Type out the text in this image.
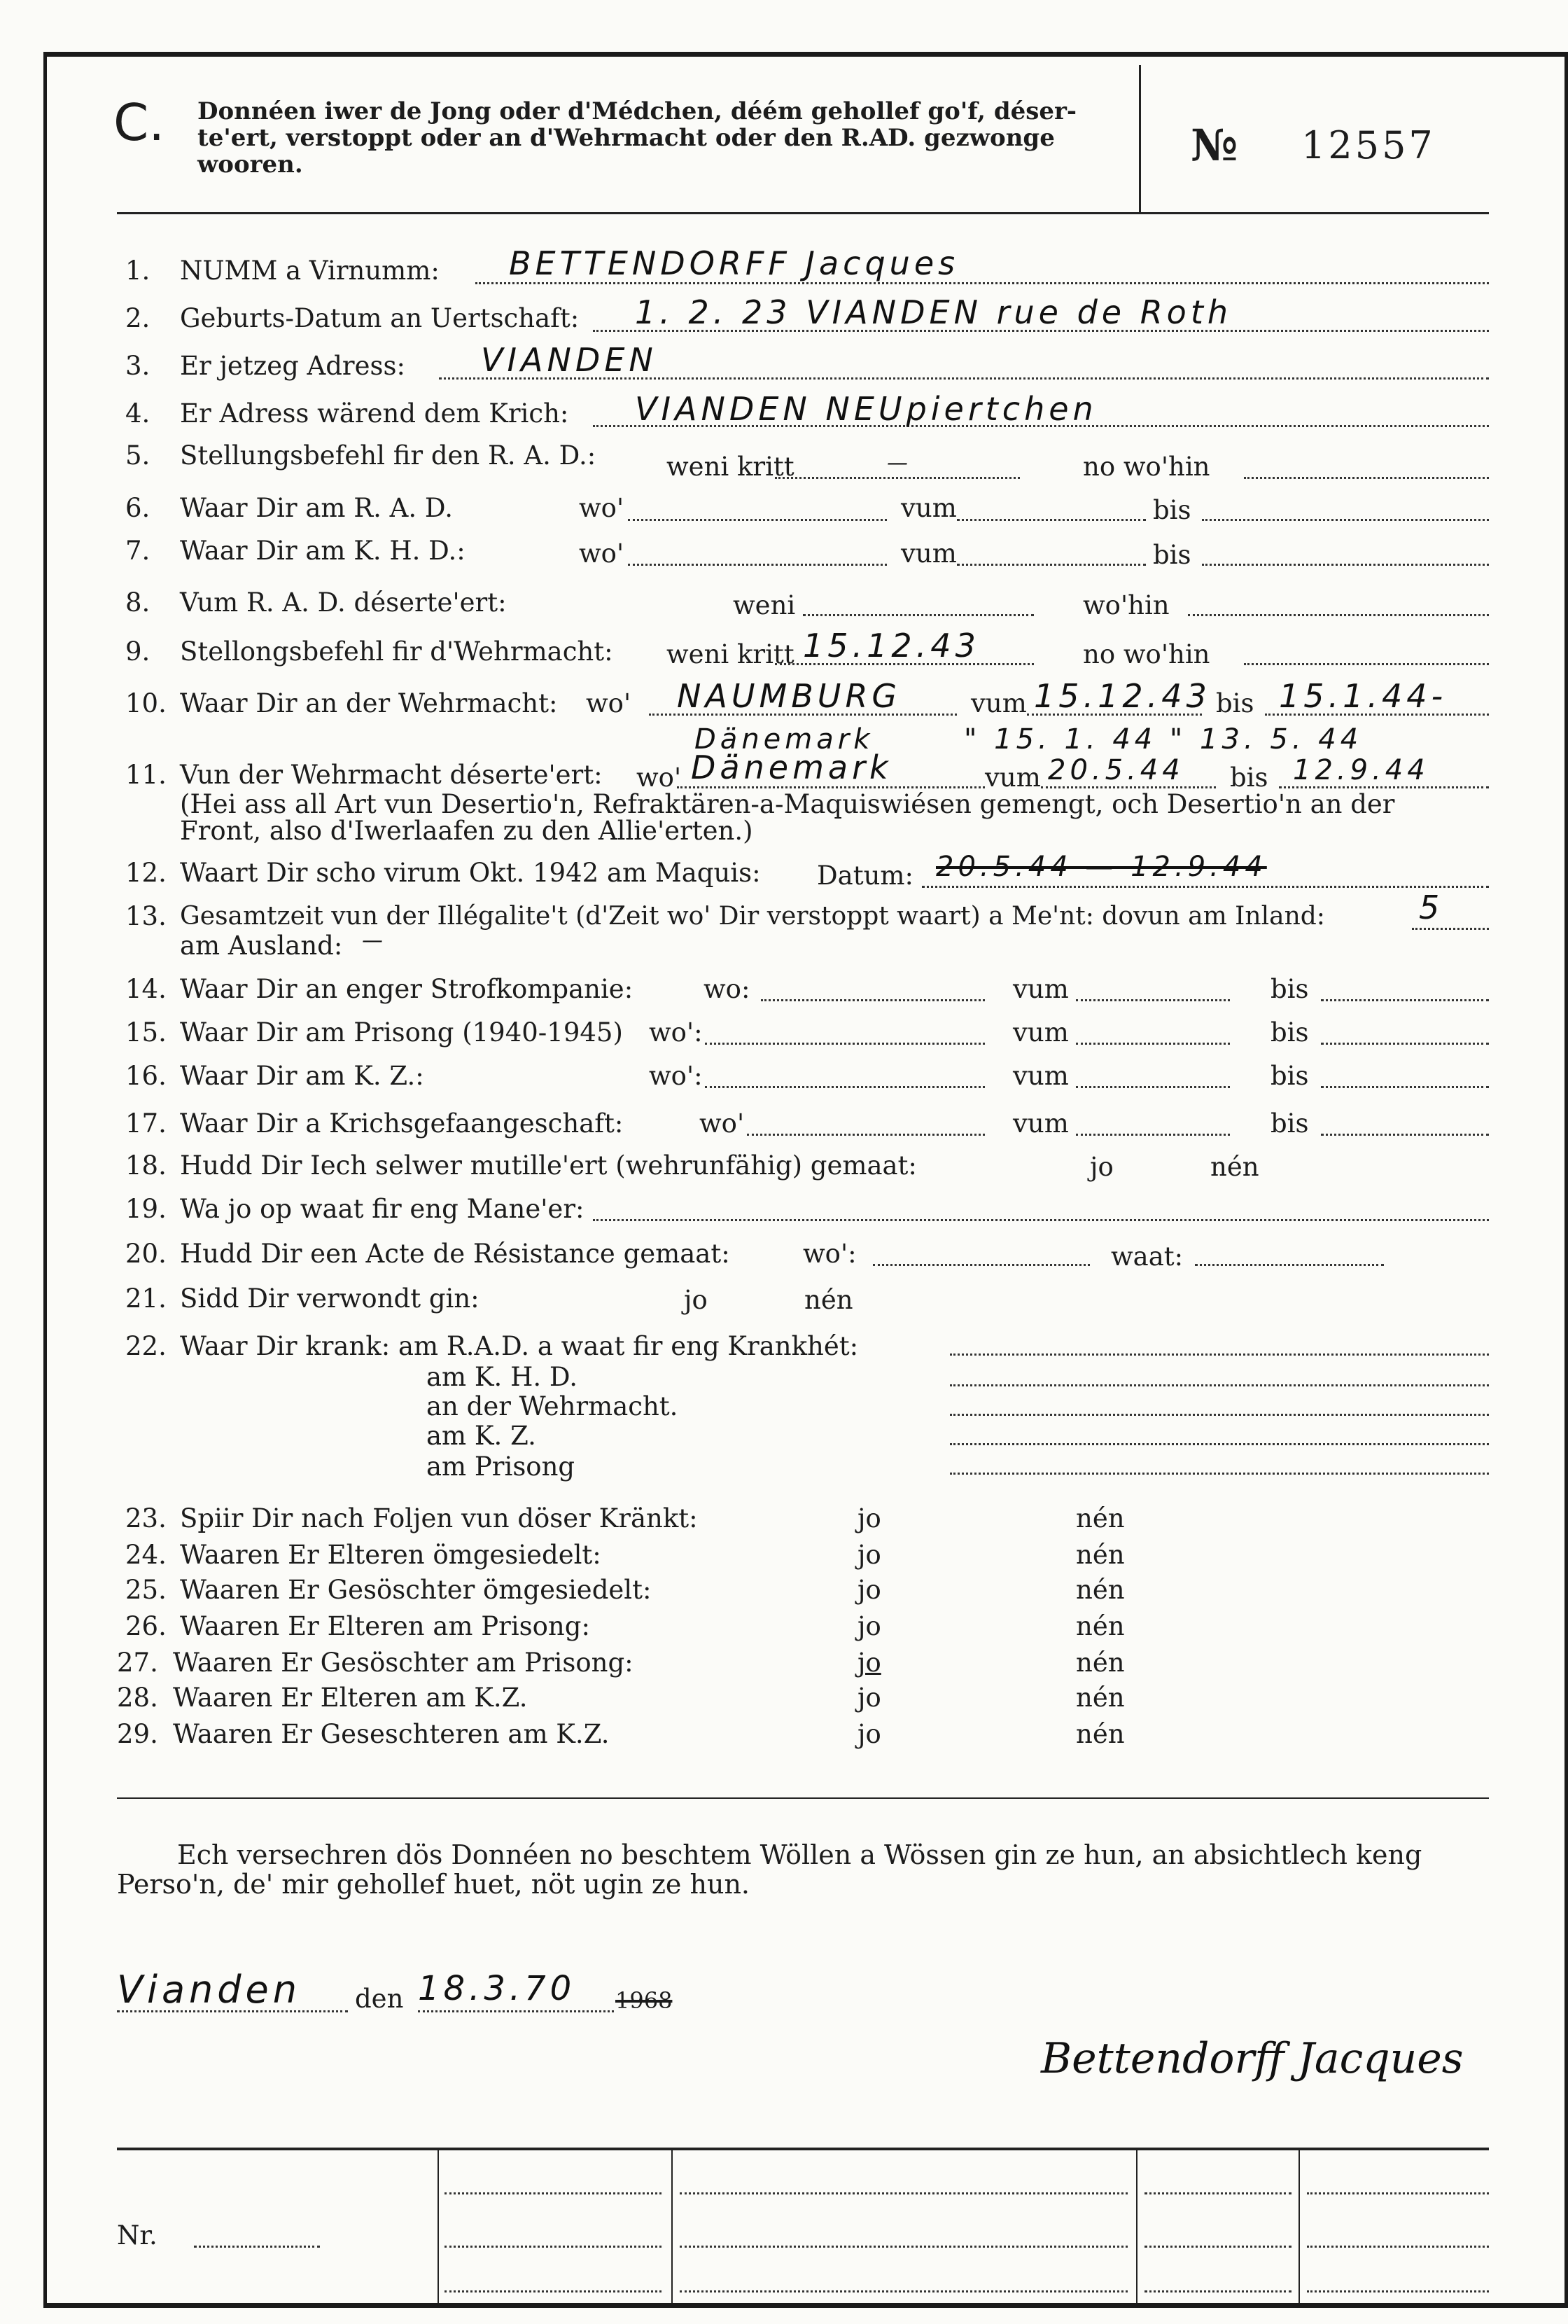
C. Donnéen iwer de Jong oder d'Médchen, déém gehollef go'f, déser-
te'ert, verstoppt oder an d'Wehrmacht oder den R.AD. gezwonge
wooren.	№ 12557
1. NUMM a Virnumm: BETTENDORFF Jacques
2. Geburts-Datum an Uertschaft: 1. 2. 23 VIANDEN rue de Roth
3. Er jetzeg Adress: VIANDEN
4. Er Adress wärend dem Krich: VIANDEN NEUpiertchen
5. Stellungsbefehl fir den R. A. D.:	weni kritt	—	no wo'hin
6. Waar Dir am R. A. D.	wo'	vum	bis
7. Waar Dir am K. H. D.:	wo'	vum	bis
8. Vum R. A. D. déserte'ert:	weni	wo'hin
9. Stellongsbefehl fir d'Wehrmacht: weni kritt 15.12.43	no wo'hin
10. Waar Dir an der Wehrmacht: wo' NAUMBURG	vum 15.12.43 bis 15.1.44-
Dänemark	" 15. 1. 44 " 13. 5. 44
11. Vun der Wehrmacht déserte'ert: wo' Dänemark	vum 20.5.44 bis 12.9.44
(Hei ass all Art vun Desertio'n, Refraktären-a-Maquiswiésen gemengt, och Desertio'n an der
Front, also d'Iwerlaafen zu den Allie'erten.)
12. Waart Dir scho virum Okt. 1942 am Maquis: Datum: 20.5.44 — 12.9.44
13. Gesamtzeit vun der Illégalite't (d'Zeit wo' Dir verstoppt waart) a Me'nt: dovun am Inland:	5
am Ausland: —
14. Waar Dir an enger Strofkompanie:	wo:	vum	bis
15. Waar Dir am Prisong (1940-1945) wo':	vum	bis
16. Waar Dir am K. Z.:	wo':	vum	bis
17. Waar Dir a Krichsgefaangeschaft:	wo'	vum	bis
18. Hudd Dir Iech selwer mutille'ert (wehrunfähig) gemaat:	jo	nén
19. Wa jo op waat fir eng Mane'er:
20. Hudd Dir een Acte de Résistance gemaat:	wo':	waat:
21. Sidd Dir verwondt gin:	jo	nén
22. Waar Dir krank: am R.A.D. a waat fir eng Krankhét:
am K. H. D.
an der Wehrmacht.
am K. Z.
am Prisong
23. Spiir Dir nach Foljen vun döser Kränkt:	jo	nén
24. Waaren Er Elteren ömgesiedelt:	jo	nén
25. Waaren Er Gesöschter ömgesiedelt:	jo	nén
26. Waaren Er Elteren am Prisong:	jo	nén
27. Waaren Er Gesöschter am Prisong:	jo	nén
28. Waaren Er Elteren am K.Z.	jo	nén
29. Waaren Er Geseschteren am K.Z.	jo	nén
Ech versechren dös Donnéen no beschtem Wöllen a Wössen gin ze hun, an absichtlech keng
Perso'n, de' mir gehollef huet, nöt ugin ze hun.
Vianden den 18.3.70 1968
Bettendorff Jacques
Nr.
